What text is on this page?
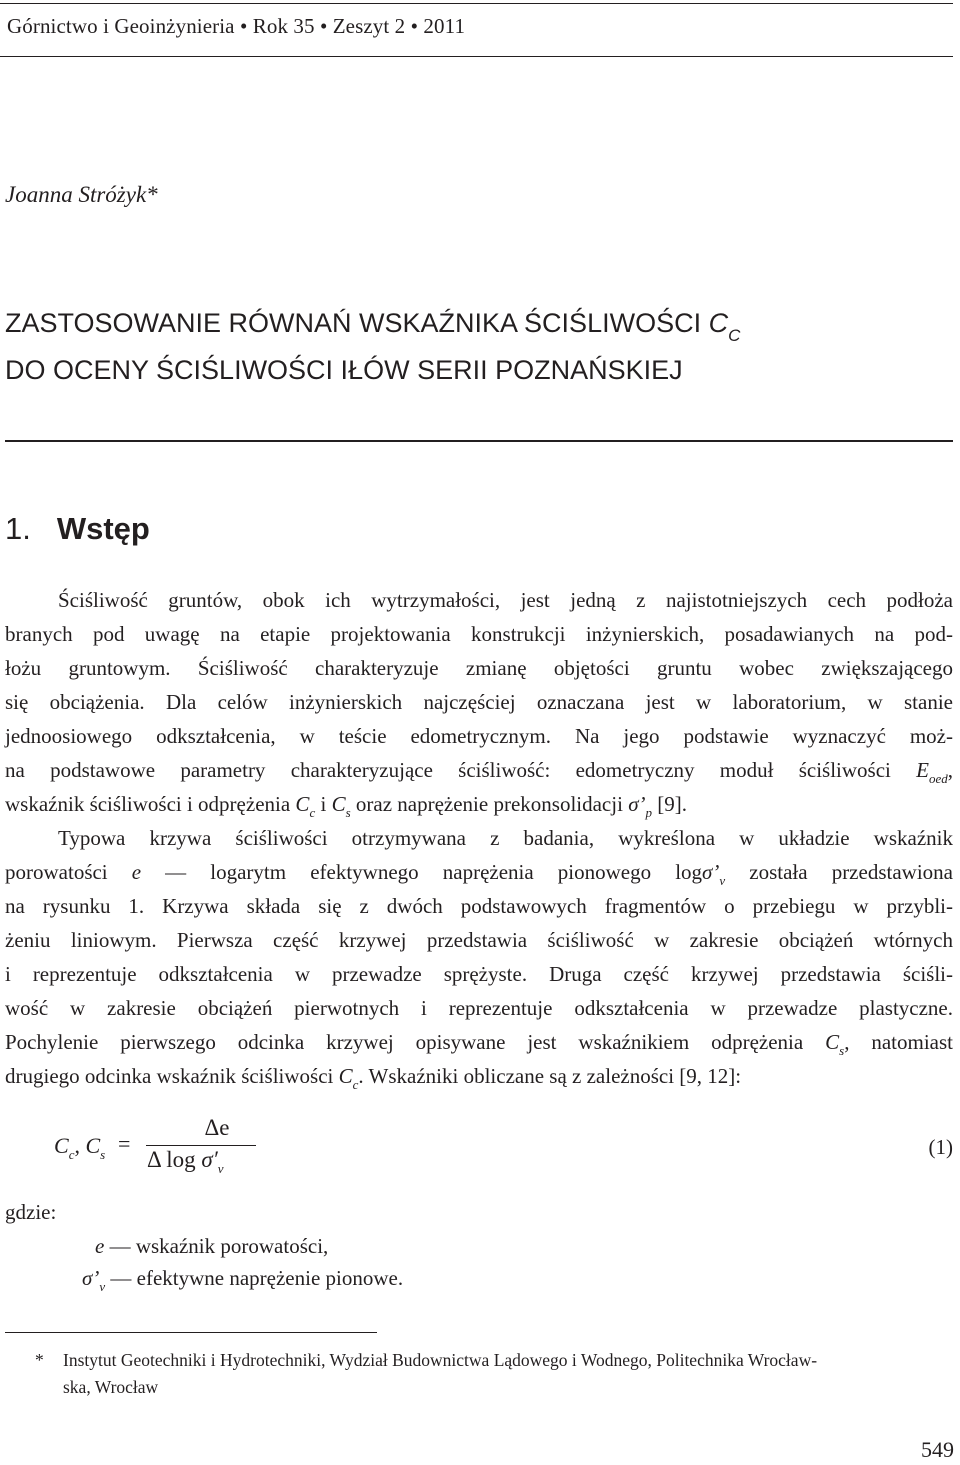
Górnictwo i Geoinżynieria • Rok 35 • Zeszyt 2 • 2011
Joanna Stróżyk*
ZASTOSOWANIE RÓWNAŃ WSKAŹNIKA ŚCIŚLIWOŚCI $C_C$
DO OCENY ŚCIŚLIWOŚCI IŁÓW SERII POZNAŃSKIEJ
1. Wstęp
Ściśliwość gruntów, obok ich wytrzymałości, jest jedną z najistotniejszych cech podłoża
branych pod uwagę na etapie projektowania konstrukcji inżynierskich, posadawianych na pod-
łożu gruntowym. Ściśliwość charakteryzuje zmianę objętości gruntu wobec zwiększającego
się obciążenia. Dla celów inżynierskich najczęściej oznaczana jest w laboratorium, w stanie
jednoosiowego odkształcenia, w teście edometrycznym. Na jego podstawie wyznaczyć moż-
na podstawowe parametry charakteryzujące ściśliwość: edometryczny moduł ściśliwości $E_{oed}$,
wskaźnik ściśliwości i odprężenia $C_c$ i $C_s$ oraz naprężenie prekonsolidacji $\sigma’_p$ [9].
Typowa krzywa ściśliwości otrzymywana z badania, wykreślona w układzie wskaźnik
porowatości e — logarytm efektywnego naprężenia pionowego $\log\sigma’_v$ została przedstawiona
na rysunku 1. Krzywa składa się z dwóch podstawowych fragmentów o przebiegu w przybli-
żeniu liniowym. Pierwsza część krzywej przedstawia ściśliwość w zakresie obciążeń wtórnych
i reprezentuje odkształcenia w przewadze sprężyste. Druga część krzywej przedstawia ściśli-
wość w zakresie obciążeń pierwotnych i reprezentuje odkształcenia w przewadze plastyczne.
Pochylenie pierwszego odcinka krzywej opisywane jest wskaźnikiem odprężenia $C_s$, natomiast
drugiego odcinka wskaźnik ściśliwości $C_c$. Wskaźniki obliczane są z zależności [9, 12]:
$C_c$, $C_s$ =
Δe
Δ $\log \sigma'_v$
(1)
gdzie:
e — wskaźnik porowatości,
$\sigma’_v$ — efektywne naprężenie pionowe.
* Instytut Geotechniki i Hydrotechniki, Wydział Budownictwa Lądowego i Wodnego, Politechnika Wrocław-
ska, Wrocław
549
